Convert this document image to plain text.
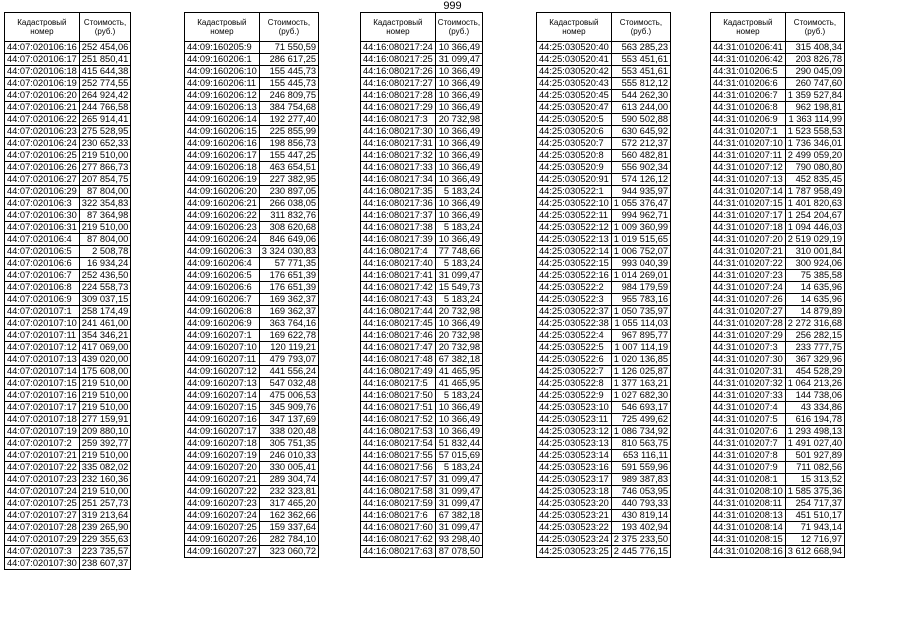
999
Кадастровый номер	Стоимость, (руб.)
44:07:020106:16	252 454,06
44:07:020106:17	251 850,41
44:07:020106:18	415 644,38
44:07:020106:19	252 774,55
44:07:020106:20	264 924,42
44:07:020106:21	244 766,58
44:07:020106:22	265 914,41
44:07:020106:23	275 528,95
44:07:020106:24	230 652,33
44:07:020106:25	219 510,00
44:07:020106:26	277 866,73
44:07:020106:27	207 854,75
44:07:020106:29	87 804,00
44:07:020106:3	322 354,83
44:07:020106:30	87 364,98
44:07:020106:31	219 510,00
44:07:020106:4	87 804,00
44:07:020106:5	2 508,78
44:07:020106:6	16 934,24
44:07:020106:7	252 436,50
44:07:020106:8	224 558,73
44:07:020106:9	309 037,15
44:07:020107:1	258 174,49
44:07:020107:10	241 461,00
44:07:020107:11	354 346,21
44:07:020107:12	417 069,00
44:07:020107:13	439 020,00
44:07:020107:14	175 608,00
44:07:020107:15	219 510,00
44:07:020107:16	219 510,00
44:07:020107:17	219 510,00
44:07:020107:18	277 159,91
44:07:020107:19	209 880,10
44:07:020107:2	259 392,77
44:07:020107:21	219 510,00
44:07:020107:22	335 082,02
44:07:020107:23	232 160,36
44:07:020107:24	219 510,00
44:07:020107:25	251 257,73
44:07:020107:27	319 213,64
44:07:020107:28	239 265,90
44:07:020107:29	229 355,63
44:07:020107:3	223 735,57
44:07:020107:30	238 607,37
Кадастровый номер	Стоимость, (руб.)
44:09:160205:9	71 550,59
44:09:160206:1	286 617,25
44:09:160206:10	155 445,73
44:09:160206:11	155 445,73
44:09:160206:12	246 809,75
44:09:160206:13	384 754,68
44:09:160206:14	192 277,40
44:09:160206:15	225 855,99
44:09:160206:16	198 856,73
44:09:160206:17	155 447,25
44:09:160206:18	463 654,51
44:09:160206:19	227 382,95
44:09:160206:20	230 897,05
44:09:160206:21	266 038,05
44:09:160206:22	311 832,76
44:09:160206:23	308 620,68
44:09:160206:24	846 649,06
44:09:160206:3	3 324 030,83
44:09:160206:4	57 771,35
44:09:160206:5	176 651,39
44:09:160206:6	176 651,39
44:09:160206:7	169 362,37
44:09:160206:8	169 362,37
44:09:160206:9	363 764,16
44:09:160207:1	169 622,78
44:09:160207:10	120 119,21
44:09:160207:11	479 793,07
44:09:160207:12	441 556,24
44:09:160207:13	547 032,48
44:09:160207:14	475 006,53
44:09:160207:15	345 909,76
44:09:160207:16	347 137,69
44:09:160207:17	338 020,48
44:09:160207:18	305 751,35
44:09:160207:19	246 010,33
44:09:160207:20	330 005,41
44:09:160207:21	289 304,74
44:09:160207:22	232 323,81
44:09:160207:23	317 465,20
44:09:160207:24	162 362,66
44:09:160207:25	159 337,64
44:09:160207:26	282 784,10
44:09:160207:27	323 060,72
Кадастровый номер	Стоимость, (руб.)
44:16:080217:24	10 366,49
44:16:080217:25	31 099,47
44:16:080217:26	10 366,49
44:16:080217:27	10 366,49
44:16:080217:28	10 366,49
44:16:080217:29	10 366,49
44:16:080217:3	20 732,98
44:16:080217:30	10 366,49
44:16:080217:31	10 366,49
44:16:080217:32	10 366,49
44:16:080217:33	10 366,49
44:16:080217:34	10 366,49
44:16:080217:35	5 183,24
44:16:080217:36	10 366,49
44:16:080217:37	10 366,49
44:16:080217:38	5 183,24
44:16:080217:39	10 366,49
44:16:080217:4	77 748,66
44:16:080217:40	5 183,24
44:16:080217:41	31 099,47
44:16:080217:42	15 549,73
44:16:080217:43	5 183,24
44:16:080217:44	20 732,98
44:16:080217:45	10 366,49
44:16:080217:46	20 732,98
44:16:080217:47	20 732,98
44:16:080217:48	67 382,18
44:16:080217:49	41 465,95
44:16:080217:5	41 465,95
44:16:080217:50	5 183,24
44:16:080217:51	10 366,49
44:16:080217:52	10 366,49
44:16:080217:53	10 366,49
44:16:080217:54	51 832,44
44:16:080217:55	57 015,69
44:16:080217:56	5 183,24
44:16:080217:57	31 099,47
44:16:080217:58	31 099,47
44:16:080217:59	31 099,47
44:16:080217:6	67 382,18
44:16:080217:60	31 099,47
44:16:080217:62	93 298,40
44:16:080217:63	87 078,50
Кадастровый номер	Стоимость, (руб.)
44:25:030520:40	563 285,23
44:25:030520:41	553 451,61
44:25:030520:42	553 451,61
44:25:030520:43	555 812,12
44:25:030520:45	544 262,30
44:25:030520:47	613 244,00
44:25:030520:5	590 502,88
44:25:030520:6	630 645,92
44:25:030520:7	572 212,37
44:25:030520:8	560 482,81
44:25:030520:9	556 902,34
44:25:030520:91	574 126,12
44:25:030522:1	944 935,97
44:25:030522:10	1 055 376,47
44:25:030522:11	994 962,71
44:25:030522:12	1 009 360,99
44:25:030522:13	1 019 515,65
44:25:030522:14	1 006 752,07
44:25:030522:15	993 040,39
44:25:030522:16	1 014 269,01
44:25:030522:2	984 179,59
44:25:030522:3	955 783,16
44:25:030522:37	1 050 735,97
44:25:030522:38	1 055 114,03
44:25:030522:4	967 895,77
44:25:030522:5	1 007 114,19
44:25:030522:6	1 020 136,85
44:25:030522:7	1 126 025,87
44:25:030522:8	1 377 163,21
44:25:030522:9	1 027 682,30
44:25:030523:10	546 693,17
44:25:030523:11	725 499,62
44:25:030523:12	1 086 734,92
44:25:030523:13	810 563,75
44:25:030523:14	653 116,11
44:25:030523:16	591 559,96
44:25:030523:17	989 387,83
44:25:030523:18	746 053,95
44:25:030523:20	440 793,33
44:25:030523:21	430 819,14
44:25:030523:22	193 402,94
44:25:030523:24	2 375 233,50
44:25:030523:25	2 445 776,15
Кадастровый номер	Стоимость, (руб.)
44:31:010206:41	315 408,34
44:31:010206:42	203 826,78
44:31:010206:5	290 045,09
44:31:010206:6	260 747,60
44:31:010206:7	1 359 527,84
44:31:010206:8	962 198,81
44:31:010206:9	1 363 114,99
44:31:010207:1	1 523 558,53
44:31:010207:10	1 736 346,01
44:31:010207:11	2 499 059,20
44:31:010207:12	790 080,80
44:31:010207:13	452 835,45
44:31:010207:14	1 787 958,49
44:31:010207:15	1 401 820,63
44:31:010207:17	1 254 204,67
44:31:010207:18	1 094 446,03
44:31:010207:20	2 519 029,19
44:31:010207:21	310 001,84
44:31:010207:22	300 924,06
44:31:010207:23	75 385,58
44:31:010207:24	14 635,96
44:31:010207:26	14 635,96
44:31:010207:27	14 879,89
44:31:010207:28	2 272 316,68
44:31:010207:29	256 282,15
44:31:010207:3	233 777,75
44:31:010207:30	367 329,96
44:31:010207:31	454 528,29
44:31:010207:32	1 064 213,26
44:31:010207:33	144 738,06
44:31:010207:4	43 334,86
44:31:010207:5	616 194,78
44:31:010207:6	1 293 498,13
44:31:010207:7	1 491 027,40
44:31:010207:8	501 927,89
44:31:010207:9	711 082,56
44:31:010208:1	15 313,52
44:31:010208:10	1 585 375,36
44:31:010208:11	254 717,37
44:31:010208:13	451 510,17
44:31:010208:14	71 943,14
44:31:010208:15	12 716,97
44:31:010208:16	3 612 668,94
